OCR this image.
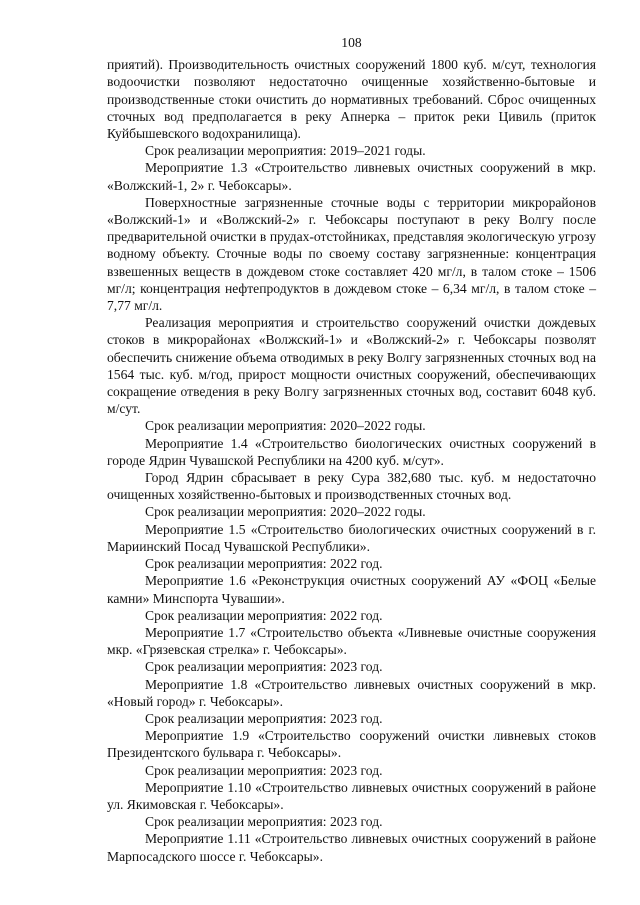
108

приятий). Производительность очистных сооружений 1800 куб. м/сут, технология водоочистки позволяют недостаточно очищенные хозяйственно-бытовые и производственные стоки очистить до нормативных требований. Сброс очищенных сточных вод предполагается в реку Апнерка – приток реки Цивиль (приток Куйбышевского водохранилища).

Срок реализации мероприятия: 2019–2021 годы.

Мероприятие 1.3 «Строительство ливневых очистных сооружений в мкр. «Волжский-1, 2» г. Чебоксары».

Поверхностные загрязненные сточные воды с территории микрорайонов «Волжский-1» и «Волжский-2» г. Чебоксары поступают в реку Волгу после предварительной очистки в прудах-отстойниках, представляя экологическую угрозу водному объекту. Сточные воды по своему составу загрязненные: концентрация взвешенных веществ в дождевом стоке составляет 420 мг/л, в талом стоке – 1506 мг/л; концентрация нефтепродуктов в дождевом стоке – 6,34 мг/л, в талом стоке – 7,77 мг/л.

Реализация мероприятия и строительство сооружений очистки дождевых стоков в микрорайонах «Волжский-1» и «Волжский-2» г. Чебоксары позволят обеспечить снижение объема отводимых в реку Волгу загрязненных сточных вод на 1564 тыс. куб. м/год, прирост мощности очистных сооружений, обеспечивающих сокращение отведения в реку Волгу загрязненных сточных вод, составит 6048 куб. м/сут.

Срок реализации мероприятия: 2020–2022 годы.

Мероприятие 1.4 «Строительство биологических очистных сооружений в городе Ядрин Чувашской Республики на 4200 куб. м/сут».

Город Ядрин сбрасывает в реку Сура 382,680 тыс. куб. м недостаточно очищенных хозяйственно-бытовых и производственных сточных вод.

Срок реализации мероприятия: 2020–2022 годы.

Мероприятие 1.5 «Строительство биологических очистных сооружений в г. Мариинский Посад Чувашской Республики».

Срок реализации мероприятия: 2022 год.

Мероприятие 1.6 «Реконструкция очистных сооружений АУ «ФОЦ «Белые камни» Минспорта Чувашии».

Срок реализации мероприятия: 2022 год.

Мероприятие 1.7 «Строительство объекта «Ливневые очистные сооружения мкр. «Грязевская стрелка» г. Чебоксары».

Срок реализации мероприятия: 2023 год.

Мероприятие 1.8 «Строительство ливневых очистных сооружений в мкр. «Новый город» г. Чебоксары».

Срок реализации мероприятия: 2023 год.

Мероприятие 1.9 «Строительство сооружений очистки ливневых стоков Президентского бульвара г. Чебоксары».

Срок реализации мероприятия: 2023 год.

Мероприятие 1.10 «Строительство ливневых очистных сооружений в районе ул. Якимовская г. Чебоксары».

Срок реализации мероприятия: 2023 год.

Мероприятие 1.11 «Строительство ливневых очистных сооружений в районе Марпосадского шоссе г. Чебоксары».
